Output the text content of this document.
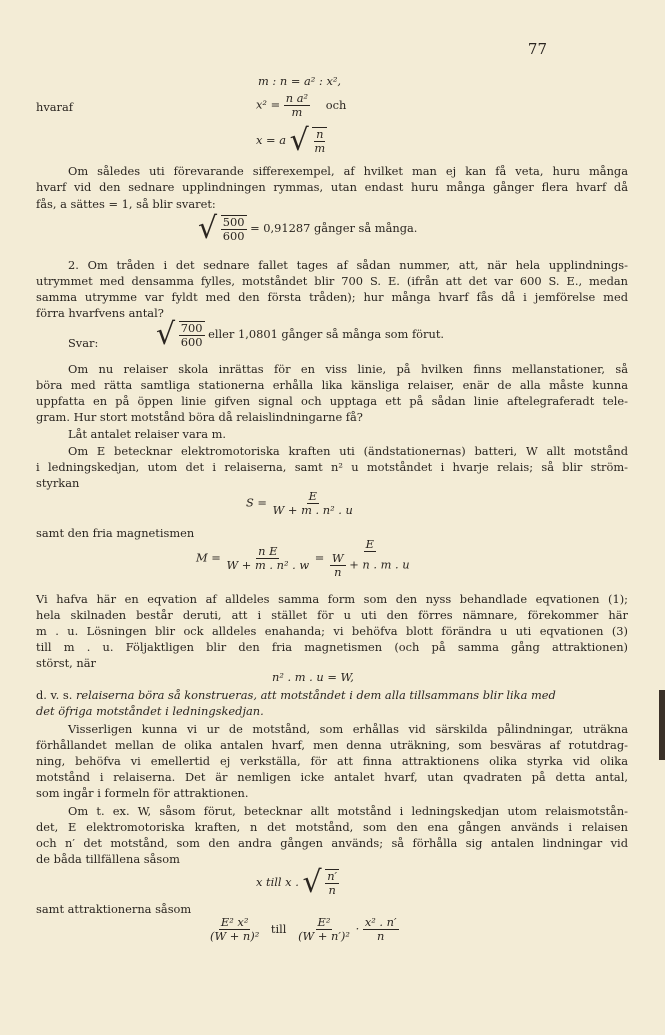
77
m : n = a² : x²,
hvaraf	$x^2 = \frac{\text{n a²}}{m}$ och
x = a √ $\frac{n}{m}$
Om således uti förevarande sifferexempel, af hvilket man ej kan få veta, huru många
hvarf vid den sednare upplindningen rymmas, utan endast huru många gånger flera hvarf då
fås, a sättes = 1, så blir svaret:
√ $\frac{500}{600} = 0,91287$ gånger så många.
2. Om tråden i det sednare fallet tages af sådan nummer, att, när hela upplindnings-
utrymmet med densamma fylles, motståndet blir 700 S. E. (ifrån att det var 600 S. E., medan
samma utrymme var fyldt med den första tråden); hur många hvarf fås då i jemförelse med
förra hvarfvens antal?
Svar: √ $\frac{700}{600}$ eller 1,0801 gånger så många som förut.
Om nu relaiser skola inrättas för en viss linie, på hvilken finns mellanstationer, så
böra med rätta samtliga stationerna erhålla lika känsliga relaiser, enär de alla måste kunna
uppfatta en på öppen linie gifven signal och upptaga ett på sådan linie aftelegraferadt tele-
gram. Hur stort motstånd böra då relaislindningarne få?
Låt antalet relaiser vara m.
Om E betecknar elektromotoriska kraften uti (ändstationernas) batteri, W allt motstånd
i ledningskedjan, utom det i relaiserna, samt n² u motståndet i hvarje relais; så blir ström-
styrkan
$S = \frac{E}{\text{W + m . n² . u}}$
samt den fria magnetismen
$M = \frac{\text{n E}}{\text{W + m . n² . w}} = \frac{E}{\frac{W}{n} + n . m . u}$
Vi hafva här en eqvation af alldeles samma form som den nyss behandlade eqvationen (1);
hela skilnaden består deruti, att i stället för u uti den förres nämnare, förekommer här
m . u. Lösningen blir ock alldeles enahanda; vi behöfva blott förändra u uti eqvationen (3)
till m . u. Följaktligen blir den fria magnetismen (och på samma gång attraktionen)
störst, när
n² . m . u = W,
d. v. s. relaiserna böra så konstrueras, att motståndet i dem alla tillsammans blir lika med
det öfriga motståndet i ledningskedjan.
Visserligen kunna vi ur de motstånd, som erhållas vid särskilda pålindningar, uträkna
förhållandet mellan de olika antalen hvarf, men denna uträkning, som besväras af rotutdrag-
ning, behöfva vi emellertid ej verkställa, för att finna attraktionens olika styrka vid olika
motstånd i relaiserna. Det är nemligen icke antalet hvarf, utan qvadraten på detta antal,
som ingår i formeln för attraktionen.
Om t. ex. W, såsom förut, betecknar allt motstånd i ledningskedjan utom relaismotstån-
det, E elektromotoriska kraften, n det motstånd, som den ena gången används i relaisen
och n′ det motstånd, som den andra gången används; så förhålla sig antalen lindningar vid
de båda tillfällena såsom
x till x . √ $\frac{n'}{n}$
samt attraktionerna såsom
$\frac{\text{E² x²}}{\text{(W + n)²}}$ till $\frac{\text{E²}}{\text{(W + n′)²}} \cdot \frac{\text{x² . n′}}{n}$
